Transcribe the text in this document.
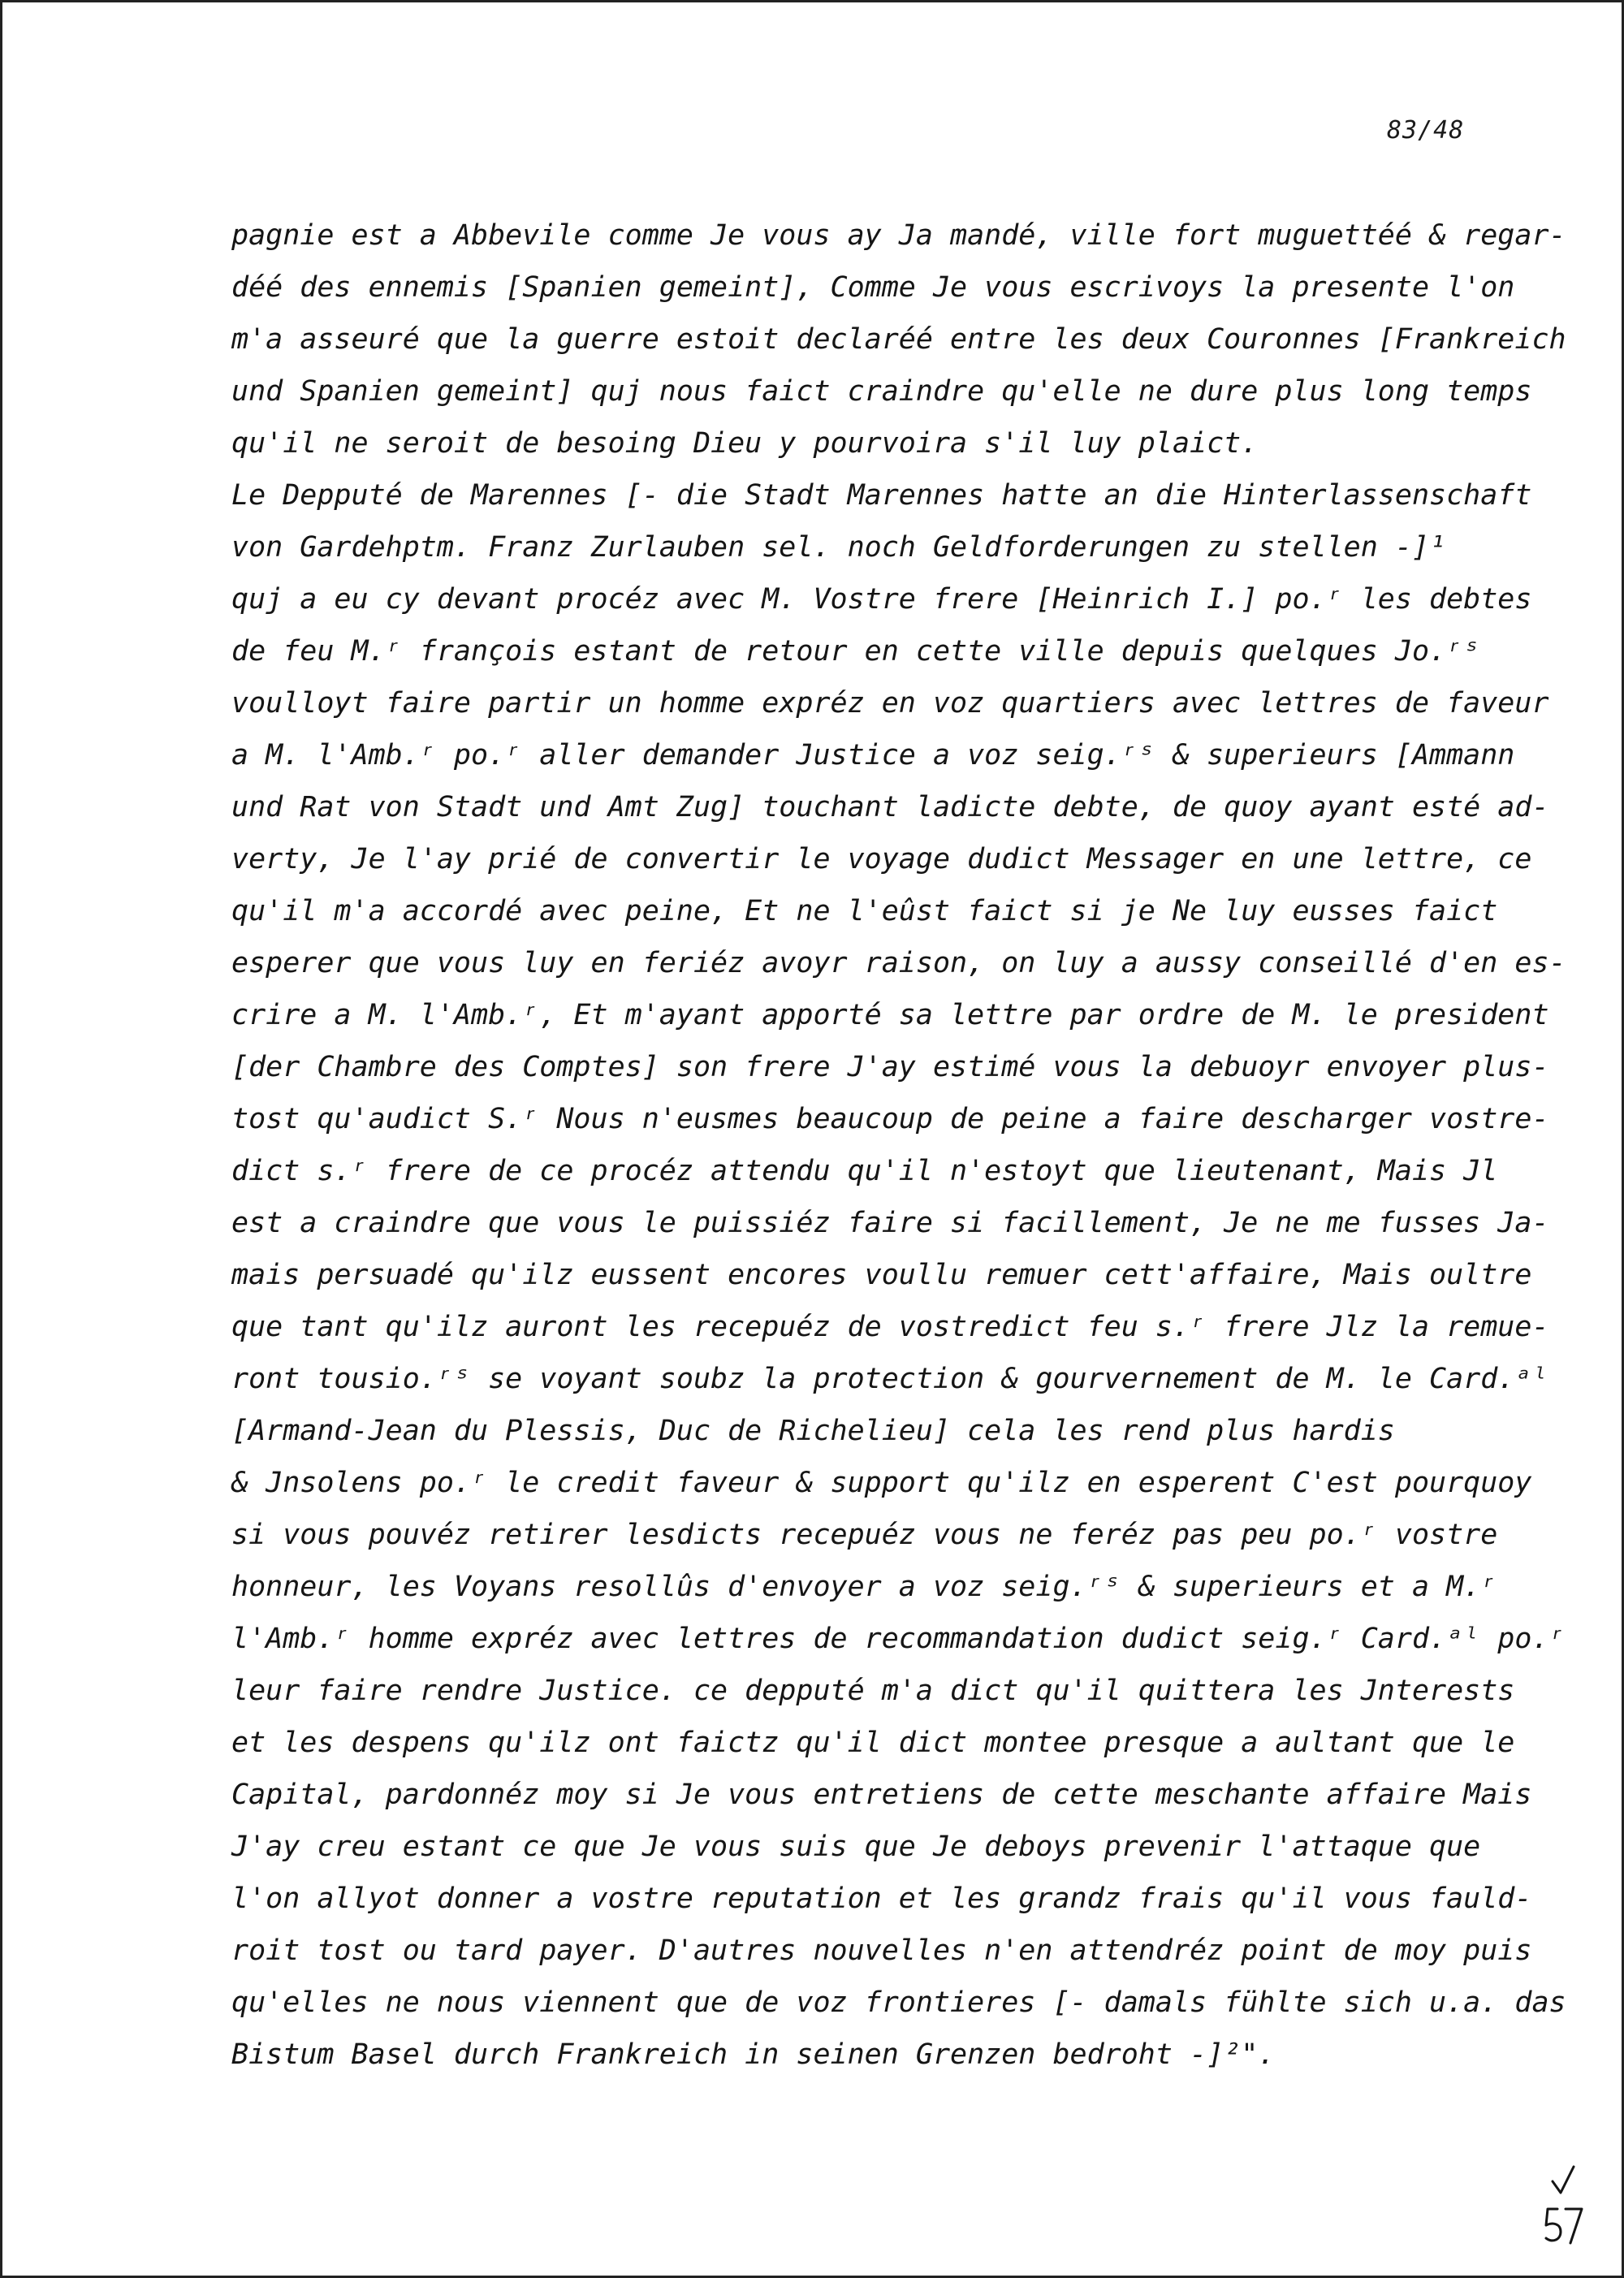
83/48
pagnie est a Abbevile comme Je vous ay Ja mandé, ville fort muguettéé & regar-
déé des ennemis [Spanien gemeint], Comme Je vous escrivoys la presente l'on
m'a asseuré que la guerre estoit declaréé entre les deux Couronnes [Frankreich
und Spanien gemeint] quj nous faict craindre qu'elle ne dure plus long temps
qu'il ne seroit de besoing Dieu y pourvoira s'il luy plaict.
Le Depputé de Marennes [- die Stadt Marennes hatte an die Hinterlassenschaft
von Gardehptm. Franz Zurlauben sel. noch Geldforderungen zu stellen -]¹
quj a eu cy devant procéz avec M. Vostre frere [Heinrich I.] po.ʳ les debtes
de feu M.ʳ françois estant de retour en cette ville depuis quelques Jo.ʳˢ
voulloyt faire partir un homme expréz en voz quartiers avec lettres de faveur
a M. l'Amb.ʳ po.ʳ aller demander Justice a voz seig.ʳˢ & superieurs [Ammann
und Rat von Stadt und Amt Zug] touchant ladicte debte, de quoy ayant esté ad-
verty, Je l'ay prié de convertir le voyage dudict Messager en une lettre, ce
qu'il m'a accordé avec peine, Et ne l'eûst faict si je Ne luy eusses faict
esperer que vous luy en feriéz avoyr raison, on luy a aussy conseillé d'en es-
crire a M. l'Amb.ʳ, Et m'ayant apporté sa lettre par ordre de M. le president
[der Chambre des Comptes] son frere J'ay estimé vous la debuoyr envoyer plus-
tost qu'audict S.ʳ Nous n'eusmes beaucoup de peine a faire descharger vostre-
dict s.ʳ frere de ce procéz attendu qu'il n'estoyt que lieutenant, Mais Jl
est a craindre que vous le puissiéz faire si facillement, Je ne me fusses Ja-
mais persuadé qu'ilz eussent encores voullu remuer cett'affaire, Mais oultre
que tant qu'ilz auront les recepuéz de vostredict feu s.ʳ frere Jlz la remue-
ront tousio.ʳˢ se voyant soubz la protection & gourvernement de M. le Card.ᵃˡ
[Armand-Jean du Plessis, Duc de Richelieu] cela les rend plus hardis
& Jnsolens po.ʳ le credit faveur & support qu'ilz en esperent C'est pourquoy
si vous pouvéz retirer lesdicts recepuéz vous ne feréz pas peu po.ʳ vostre
honneur, les Voyans resollûs d'envoyer a voz seig.ʳˢ & superieurs et a M.ʳ
l'Amb.ʳ homme expréz avec lettres de recommandation dudict seig.ʳ Card.ᵃˡ po.ʳ
leur faire rendre Justice. ce depputé m'a dict qu'il quittera les Jnterests
et les despens qu'ilz ont faictz qu'il dict montee presque a aultant que le
Capital, pardonnéz moy si Je vous entretiens de cette meschante affaire Mais
J'ay creu estant ce que Je vous suis que Je deboys prevenir l'attaque que
l'on allyot donner a vostre reputation et les grandz frais qu'il vous fauld-
roit tost ou tard payer. D'autres nouvelles n'en attendréz point de moy puis
qu'elles ne nous viennent que de voz frontieres [- damals fühlte sich u.a. das
Bistum Basel durch Frankreich in seinen Grenzen bedroht -]²".
